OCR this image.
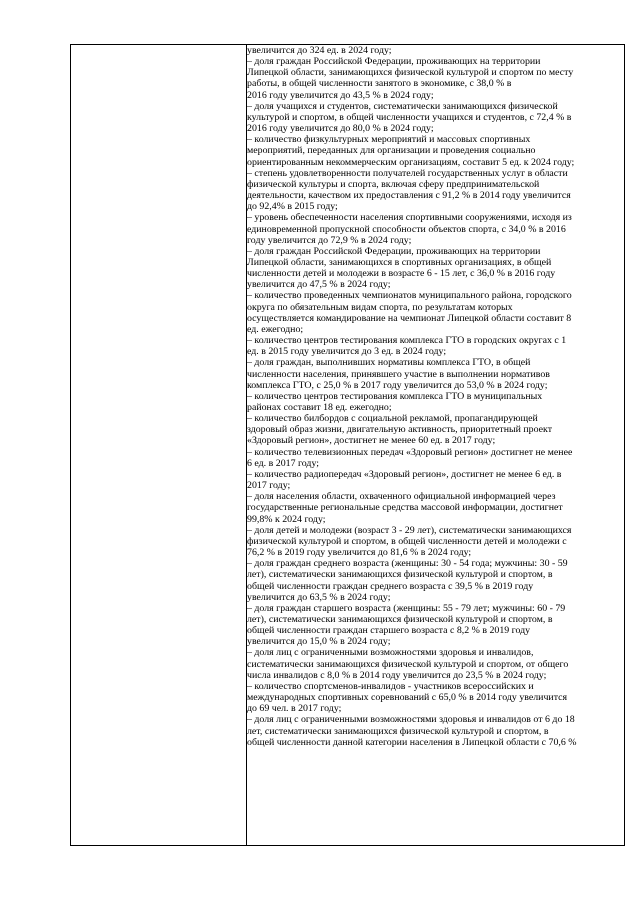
увеличится до 324 ед. в 2024 году;
– доля граждан Российской Федерации, проживающих на территории
Липецкой области, занимающихся физической культурой и спортом по месту
работы, в общей численности занятого в экономике, с 38,0 % в
2016 году увеличится до 43,5 % в 2024 году;
– доля учащихся и студентов, систематически занимающихся физической
культурой и спортом, в общей численности учащихся и студентов, с 72,4 % в
2016 году увеличится до 80,0 % в 2024 году;
– количество физкультурных мероприятий и массовых спортивных
мероприятий, переданных для организации и проведения социально
ориентированным некоммерческим организациям, составит 5 ед. к 2024 году;
– степень удовлетворенности получателей государственных услуг в области
физической культуры и спорта, включая сферу предпринимательской
деятельности, качеством их предоставления с 91,2 % в 2014 году увеличится
до 92,4% в 2015 году;
– уровень обеспеченности населения спортивными сооружениями, исходя из
единовременной пропускной способности объектов спорта, с 34,0 % в 2016
году увеличится до 72,9 % в 2024 году;
– доля граждан Российской Федерации, проживающих на территории
Липецкой области, занимающихся в спортивных организациях, в общей
численности детей и молодежи в возрасте 6 - 15 лет, с 36,0 % в 2016 году
увеличится до 47,5 % в 2024 году;
– количество проведенных чемпионатов муниципального района, городского
округа по обязательным видам спорта, по результатам которых
осуществляется командирование на чемпионат Липецкой области составит 8
ед. ежегодно;
– количество центров тестирования комплекса ГТО в городских округах с 1
ед. в 2015 году увеличится до 3 ед. в 2024 году;
– доля граждан, выполнивших нормативы комплекса ГТО, в общей
численности населения, принявшего участие в выполнении нормативов
комплекса ГТО, с 25,0 % в 2017 году увеличится до 53,0 % в 2024 году;
– количество центров тестирования комплекса ГТО в муниципальных
районах составит 18 ед. ежегодно;
– количество билбордов с социальной рекламой, пропагандирующей
здоровый образ жизни, двигательную активность, приоритетный проект
«Здоровый регион», достигнет не менее 60 ед. в 2017 году;
– количество телевизионных передач «Здоровый регион» достигнет не менее
6 ед. в 2017 году;
– количество радиопередач «Здоровый регион», достигнет не менее 6 ед. в
2017 году;
– доля населения области, охваченного официальной информацией через
государственные региональные средства массовой информации, достигнет
99,8% к 2024 году;
– доля детей и молодежи (возраст 3 - 29 лет), систематически занимающихся
физической культурой и спортом, в общей численности детей и молодежи с
76,2 % в 2019 году увеличится до 81,6 % в 2024 году;
– доля граждан среднего возраста (женщины: 30 - 54 года; мужчины: 30 - 59
лет), систематически занимающихся физической культурой и спортом, в
общей численности граждан среднего возраста с 39,5 % в 2019 году
увеличится до 63,5 % в 2024 году;
– доля граждан старшего возраста (женщины: 55 - 79 лет; мужчины: 60 - 79
лет), систематически занимающихся физической культурой и спортом, в
общей численности граждан старшего возраста с 8,2 % в 2019 году
увеличится до 15,0 % в 2024 году;
– доля лиц с ограниченными возможностями здоровья и инвалидов,
систематически занимающихся физической культурой и спортом, от общего
числа инвалидов с 8,0 % в 2014 году увеличится до 23,5 % в 2024 году;
– количество спортсменов-инвалидов - участников всероссийских и
международных спортивных соревнований с 65,0 % в 2014 году увеличится
до 69 чел. в 2017 году;
– доля лиц с ограниченными возможностями здоровья и инвалидов от 6 до 18
лет, систематически занимающихся физической культурой и спортом, в
общей численности данной категории населения в Липецкой области с 70,6 %
